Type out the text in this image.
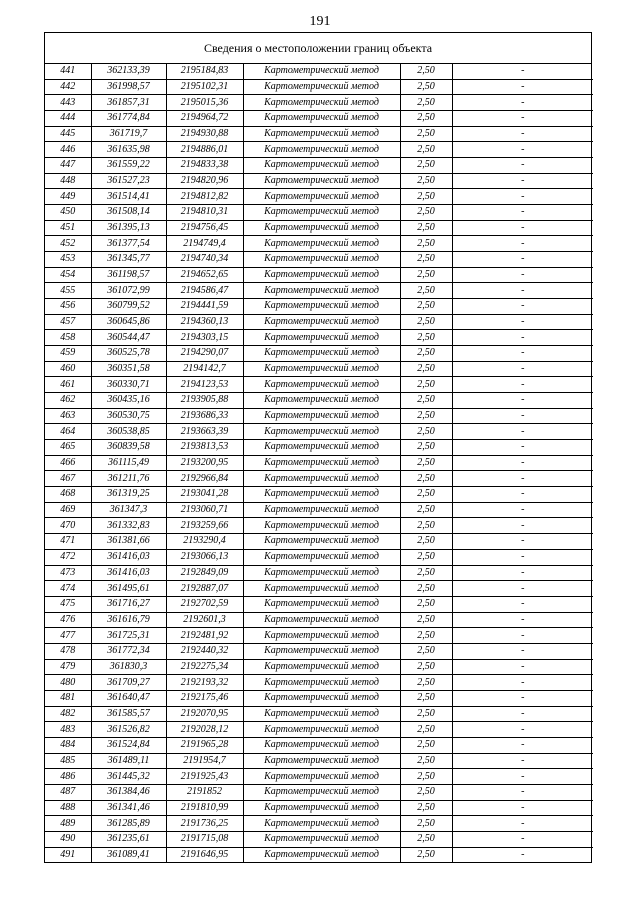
191
Сведения о местоположении границ объекта
441	362133,39	2195184,83	Картометрический метод	2,50	-
442	361998,57	2195102,31	Картометрический метод	2,50	-
443	361857,31	2195015,36	Картометрический метод	2,50	-
444	361774,84	2194964,72	Картометрический метод	2,50	-
445	361719,7	2194930,88	Картометрический метод	2,50	-
446	361635,98	2194886,01	Картометрический метод	2,50	-
447	361559,22	2194833,38	Картометрический метод	2,50	-
448	361527,23	2194820,96	Картометрический метод	2,50	-
449	361514,41	2194812,82	Картометрический метод	2,50	-
450	361508,14	2194810,31	Картометрический метод	2,50	-
451	361395,13	2194756,45	Картометрический метод	2,50	-
452	361377,54	2194749,4	Картометрический метод	2,50	-
453	361345,77	2194740,34	Картометрический метод	2,50	-
454	361198,57	2194652,65	Картометрический метод	2,50	-
455	361072,99	2194586,47	Картометрический метод	2,50	-
456	360799,52	2194441,59	Картометрический метод	2,50	-
457	360645,86	2194360,13	Картометрический метод	2,50	-
458	360544,47	2194303,15	Картометрический метод	2,50	-
459	360525,78	2194290,07	Картометрический метод	2,50	-
460	360351,58	2194142,7	Картометрический метод	2,50	-
461	360330,71	2194123,53	Картометрический метод	2,50	-
462	360435,16	2193905,88	Картометрический метод	2,50	-
463	360530,75	2193686,33	Картометрический метод	2,50	-
464	360538,85	2193663,39	Картометрический метод	2,50	-
465	360839,58	2193813,53	Картометрический метод	2,50	-
466	361115,49	2193200,95	Картометрический метод	2,50	-
467	361211,76	2192966,84	Картометрический метод	2,50	-
468	361319,25	2193041,28	Картометрический метод	2,50	-
469	361347,3	2193060,71	Картометрический метод	2,50	-
470	361332,83	2193259,66	Картометрический метод	2,50	-
471	361381,66	2193290,4	Картометрический метод	2,50	-
472	361416,03	2193066,13	Картометрический метод	2,50	-
473	361416,03	2192849,09	Картометрический метод	2,50	-
474	361495,61	2192887,07	Картометрический метод	2,50	-
475	361716,27	2192702,59	Картометрический метод	2,50	-
476	361616,79	2192601,3	Картометрический метод	2,50	-
477	361725,31	2192481,92	Картометрический метод	2,50	-
478	361772,34	2192440,32	Картометрический метод	2,50	-
479	361830,3	2192275,34	Картометрический метод	2,50	-
480	361709,27	2192193,32	Картометрический метод	2,50	-
481	361640,47	2192175,46	Картометрический метод	2,50	-
482	361585,57	2192070,95	Картометрический метод	2,50	-
483	361526,82	2192028,12	Картометрический метод	2,50	-
484	361524,84	2191965,28	Картометрический метод	2,50	-
485	361489,11	2191954,7	Картометрический метод	2,50	-
486	361445,32	2191925,43	Картометрический метод	2,50	-
487	361384,46	2191852	Картометрический метод	2,50	-
488	361341,46	2191810,99	Картометрический метод	2,50	-
489	361285,89	2191736,25	Картометрический метод	2,50	-
490	361235,61	2191715,08	Картометрический метод	2,50	-
491	361089,41	2191646,95	Картометрический метод	2,50	-
